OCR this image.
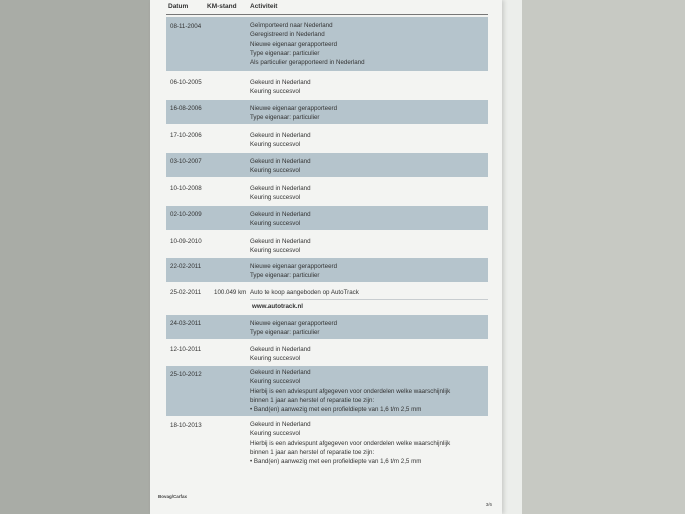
Datum	KM-stand Activiteit
08-11-2004	Geïmporteerd naar Nederland
Geregistreerd in Nederland
Nieuwe eigenaar gerapporteerd
Type eigenaar: particulier
Als particulier gerapporteerd in Nederland
06-10-2005	Gekeurd in Nederland
Keuring succesvol
16-08-2006	Nieuwe eigenaar gerapporteerd
Type eigenaar: particulier
17-10-2006	Gekeurd in Nederland
Keuring succesvol
03-10-2007	Gekeurd in Nederland
Keuring succesvol
10-10-2008	Gekeurd in Nederland
Keuring succesvol
02-10-2009	Gekeurd in Nederland
Keuring succesvol
10-09-2010	Gekeurd in Nederland
Keuring succesvol
22-02-2011	Nieuwe eigenaar gerapporteerd
Type eigenaar: particulier
25-02-2011 100.049 km Auto te koop aangeboden op AutoTrack
www.autotrack.nl
24-03-2011	Nieuwe eigenaar gerapporteerd
Type eigenaar: particulier
12-10-2011	Gekeurd in Nederland
Keuring succesvol
25-10-2012	Gekeurd in Nederland
Keuring succesvol
Hierbij is een adviespunt afgegeven voor onderdelen welke waarschijnlijk
binnen 1 jaar aan herstel of reparatie toe zijn:
• Band(en) aanwezig met een profieldiepte van 1,6 t/m 2,5 mm
18-10-2013	Gekeurd in Nederland
Keuring succesvol
Hierbij is een adviespunt afgegeven voor onderdelen welke waarschijnlijk
binnen 1 jaar aan herstel of reparatie toe zijn:
• Band(en) aanwezig met een profieldiepte van 1,6 t/m 2,5 mm
Bovag/Carfax
3/6
